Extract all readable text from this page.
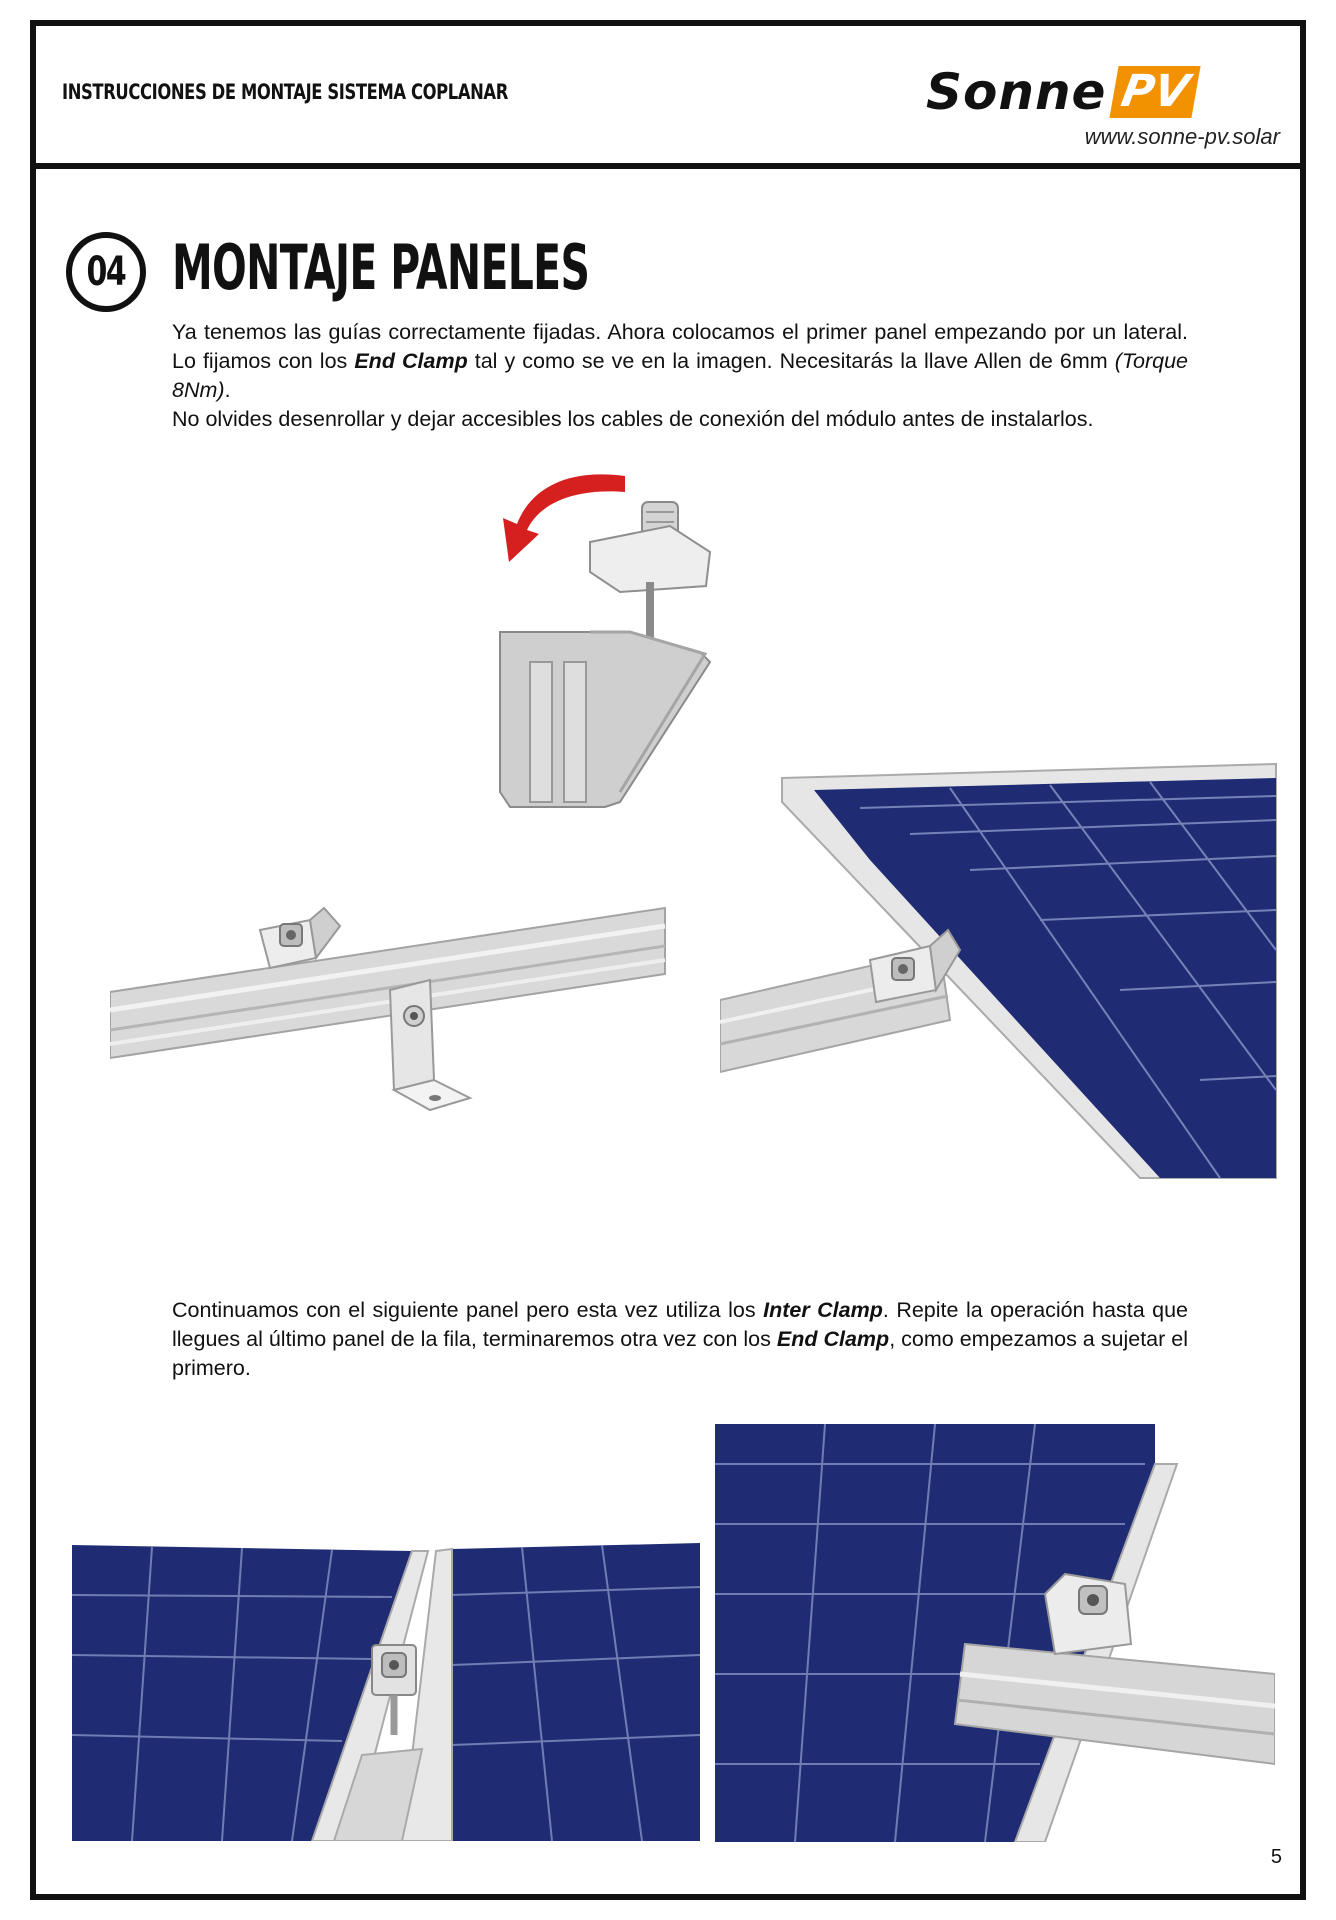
INSTRUCCIONES DE MONTAJE SISTEMA COPLANAR	Sonne PV
www.sonne-pv.solar
04 MONTAJE PANELES
Ya tenemos las guías correctamente fijadas. Ahora colocamos el primer panel empezando por un lateral. Lo fijamos con los End Clamp tal y como se ve en la imagen. Necesitarás la llave Allen de 6mm (Torque 8Nm).
No olvides desenrollar y dejar accesibles los cables de conexión del módulo antes de instalarlos.
Continuamos con el siguiente panel pero esta vez utiliza los Inter Clamp. Repite la operación hasta que llegues al último panel de la fila, terminaremos otra vez con los End Clamp, como empezamos a sujetar el primero.
5
